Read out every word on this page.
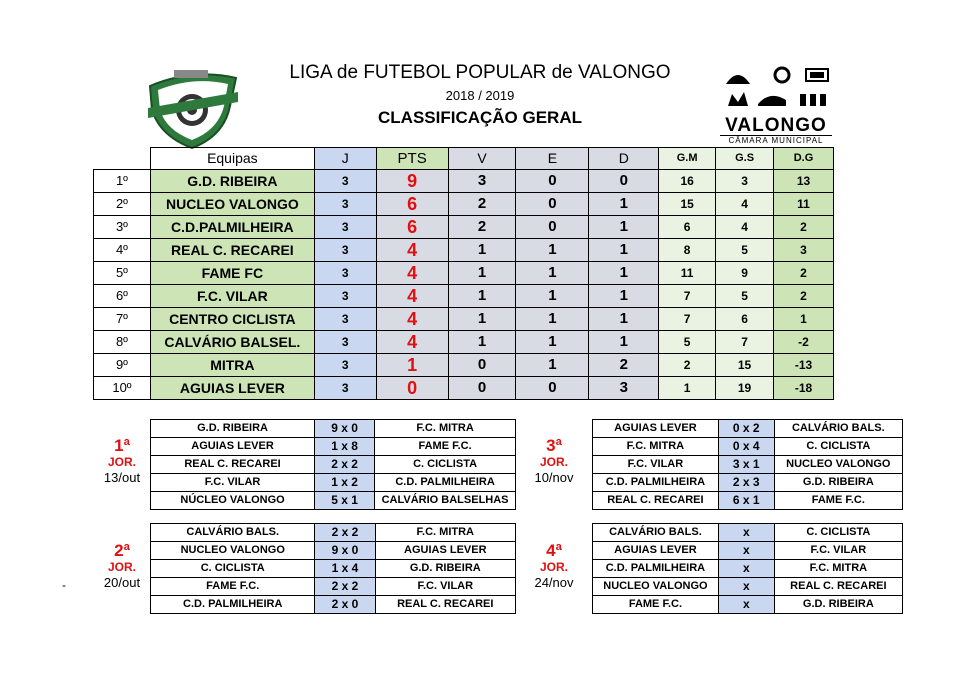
LIGA de FUTEBOL POPULAR de VALONGO
2018 / 2019
CLASSIFICAÇÃO GERAL	VALONGO
CÂMARA MUNICIPAL
	Equipas	J	PTS	V	E	D	G.M	G.S	D.G
1º	G.D. RIBEIRA	3	9	3	0	0	16	3	13
2º	NUCLEO VALONGO	3	6	2	0	1	15	4	11
3º	C.D.PALMILHEIRA	3	6	2	0	1	6	4	2
4º	REAL C. RECAREI	3	4	1	1	1	8	5	3
5º	FAME FC	3	4	1	1	1	11	9	2
6º	F.C. VILAR	3	4	1	1	1	7	5	2
7º	CENTRO CICLISTA	3	4	1	1	1	7	6	1
8º	CALVÁRIO BALSEL.	3	4	1	1	1	5	7	-2
9º	MITRA	3	1	0	1	2	2	15	-13
10º	AGUIAS LEVER	3	0	0	0	3	1	19	-18
G.D. RIBEIRA	9 x 0	F.C. MITRA
AGUIAS LEVER	1 x 8	FAME F.C.
REAL C. RECAREI	2 x 2	C. CICLISTA
F.C. VILAR	1 x 2	C.D. PALMILHEIRA
NÚCLEO VALONGO	5 x 1	CALVÁRIO BALSELHAS
AGUIAS LEVER	0 x 2	CALVÁRIO BALS.
F.C. MITRA	0 x 4	C. CICLISTA
F.C. VILAR	3 x 1	NUCLEO VALONGO
C.D. PALMILHEIRA	2 x 3	G.D. RIBEIRA
REAL C. RECAREI	6 x 1	FAME F.C.
CALVÁRIO BALS.	2 x 2	F.C. MITRA
NUCLEO VALONGO	9 x 0	AGUIAS LEVER
C. CICLISTA	1 x 4	G.D. RIBEIRA
FAME F.C.	2 x 2	F.C. VILAR
C.D. PALMILHEIRA	2 x 0	REAL C. RECAREI
CALVÁRIO BALS.	x	C. CICLISTA
AGUIAS LEVER	x	F.C. VILAR
C.D. PALMILHEIRA	x	F.C. MITRA
NUCLEO VALONGO	x	REAL C. RECAREI
FAME F.C.	x	G.D. RIBEIRA
1ª
JOR.
13/out
3ª
JOR.
10/nov
2ª
JOR.
20/out
4ª
JOR.
24/nov
-
